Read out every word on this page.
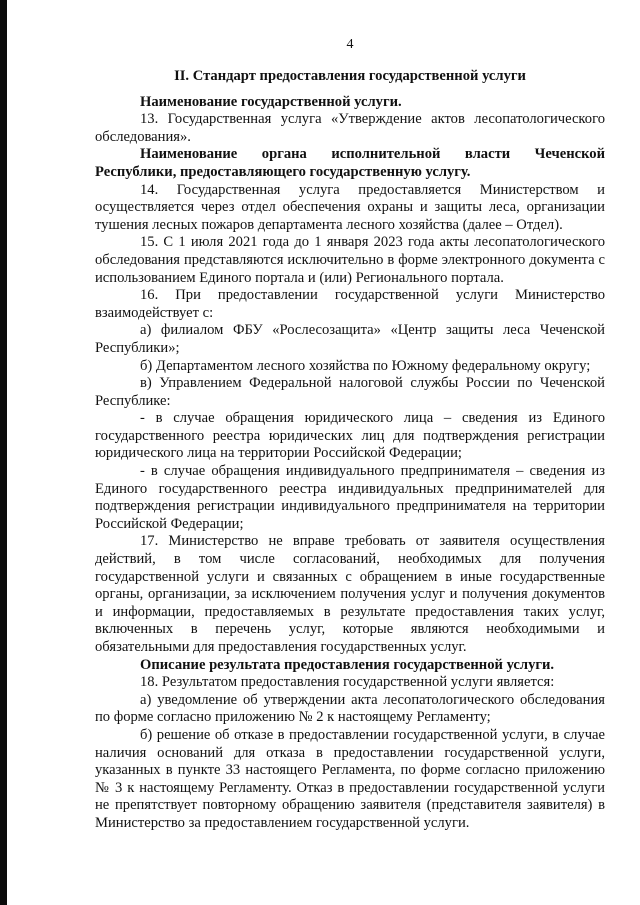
4
II. Стандарт предоставления государственной услуги
Наименование государственной услуги.
13. Государственная услуга «Утверждение актов лесопатологического обследования».
Наименование органа исполнительной власти Чеченской Республики, предоставляющего государственную услугу.
14. Государственная услуга предоставляется Министерством и осуществляется через отдел обеспечения охраны и защиты леса, организации тушения лесных пожаров департамента лесного хозяйства (далее – Отдел).
15. С 1 июля 2021 года до 1 января 2023 года акты лесопатологического обследования представляются исключительно в форме электронного документа с использованием Единого портала и (или) Регионального портала.
16. При предоставлении государственной услуги Министерство взаимодействует с:
а) филиалом ФБУ «Рослесозащита» «Центр защиты леса Чеченской Республики»;
б) Департаментом лесного хозяйства по Южному федеральному округу;
в) Управлением Федеральной налоговой службы России по Чеченской Республике:
- в случае обращения юридического лица – сведения из Единого государственного реестра юридических лиц для подтверждения регистрации юридического лица на территории Российской Федерации;
- в случае обращения индивидуального предпринимателя – сведения из Единого государственного реестра индивидуальных предпринимателей для подтверждения регистрации индивидуального предпринимателя на территории Российской Федерации;
17. Министерство не вправе требовать от заявителя осуществления действий, в том числе согласований, необходимых для получения государственной услуги и связанных с обращением в иные государственные органы, организации, за исключением получения услуг и получения документов и информации, предоставляемых в результате предоставления таких услуг, включенных в перечень услуг, которые являются необходимыми и обязательными для предоставления государственных услуг.
Описание результата предоставления государственной услуги.
18. Результатом предоставления государственной услуги является:
а) уведомление об утверждении акта лесопатологического обследования по форме согласно приложению № 2 к настоящему Регламенту;
б) решение об отказе в предоставлении государственной услуги, в случае наличия оснований для отказа в предоставлении государственной услуги, указанных в пункте 33 настоящего Регламента, по форме согласно приложению № 3 к настоящему Регламенту. Отказ в предоставлении государственной услуги не препятствует повторному обращению заявителя (представителя заявителя) в Министерство за предоставлением государственной услуги.
